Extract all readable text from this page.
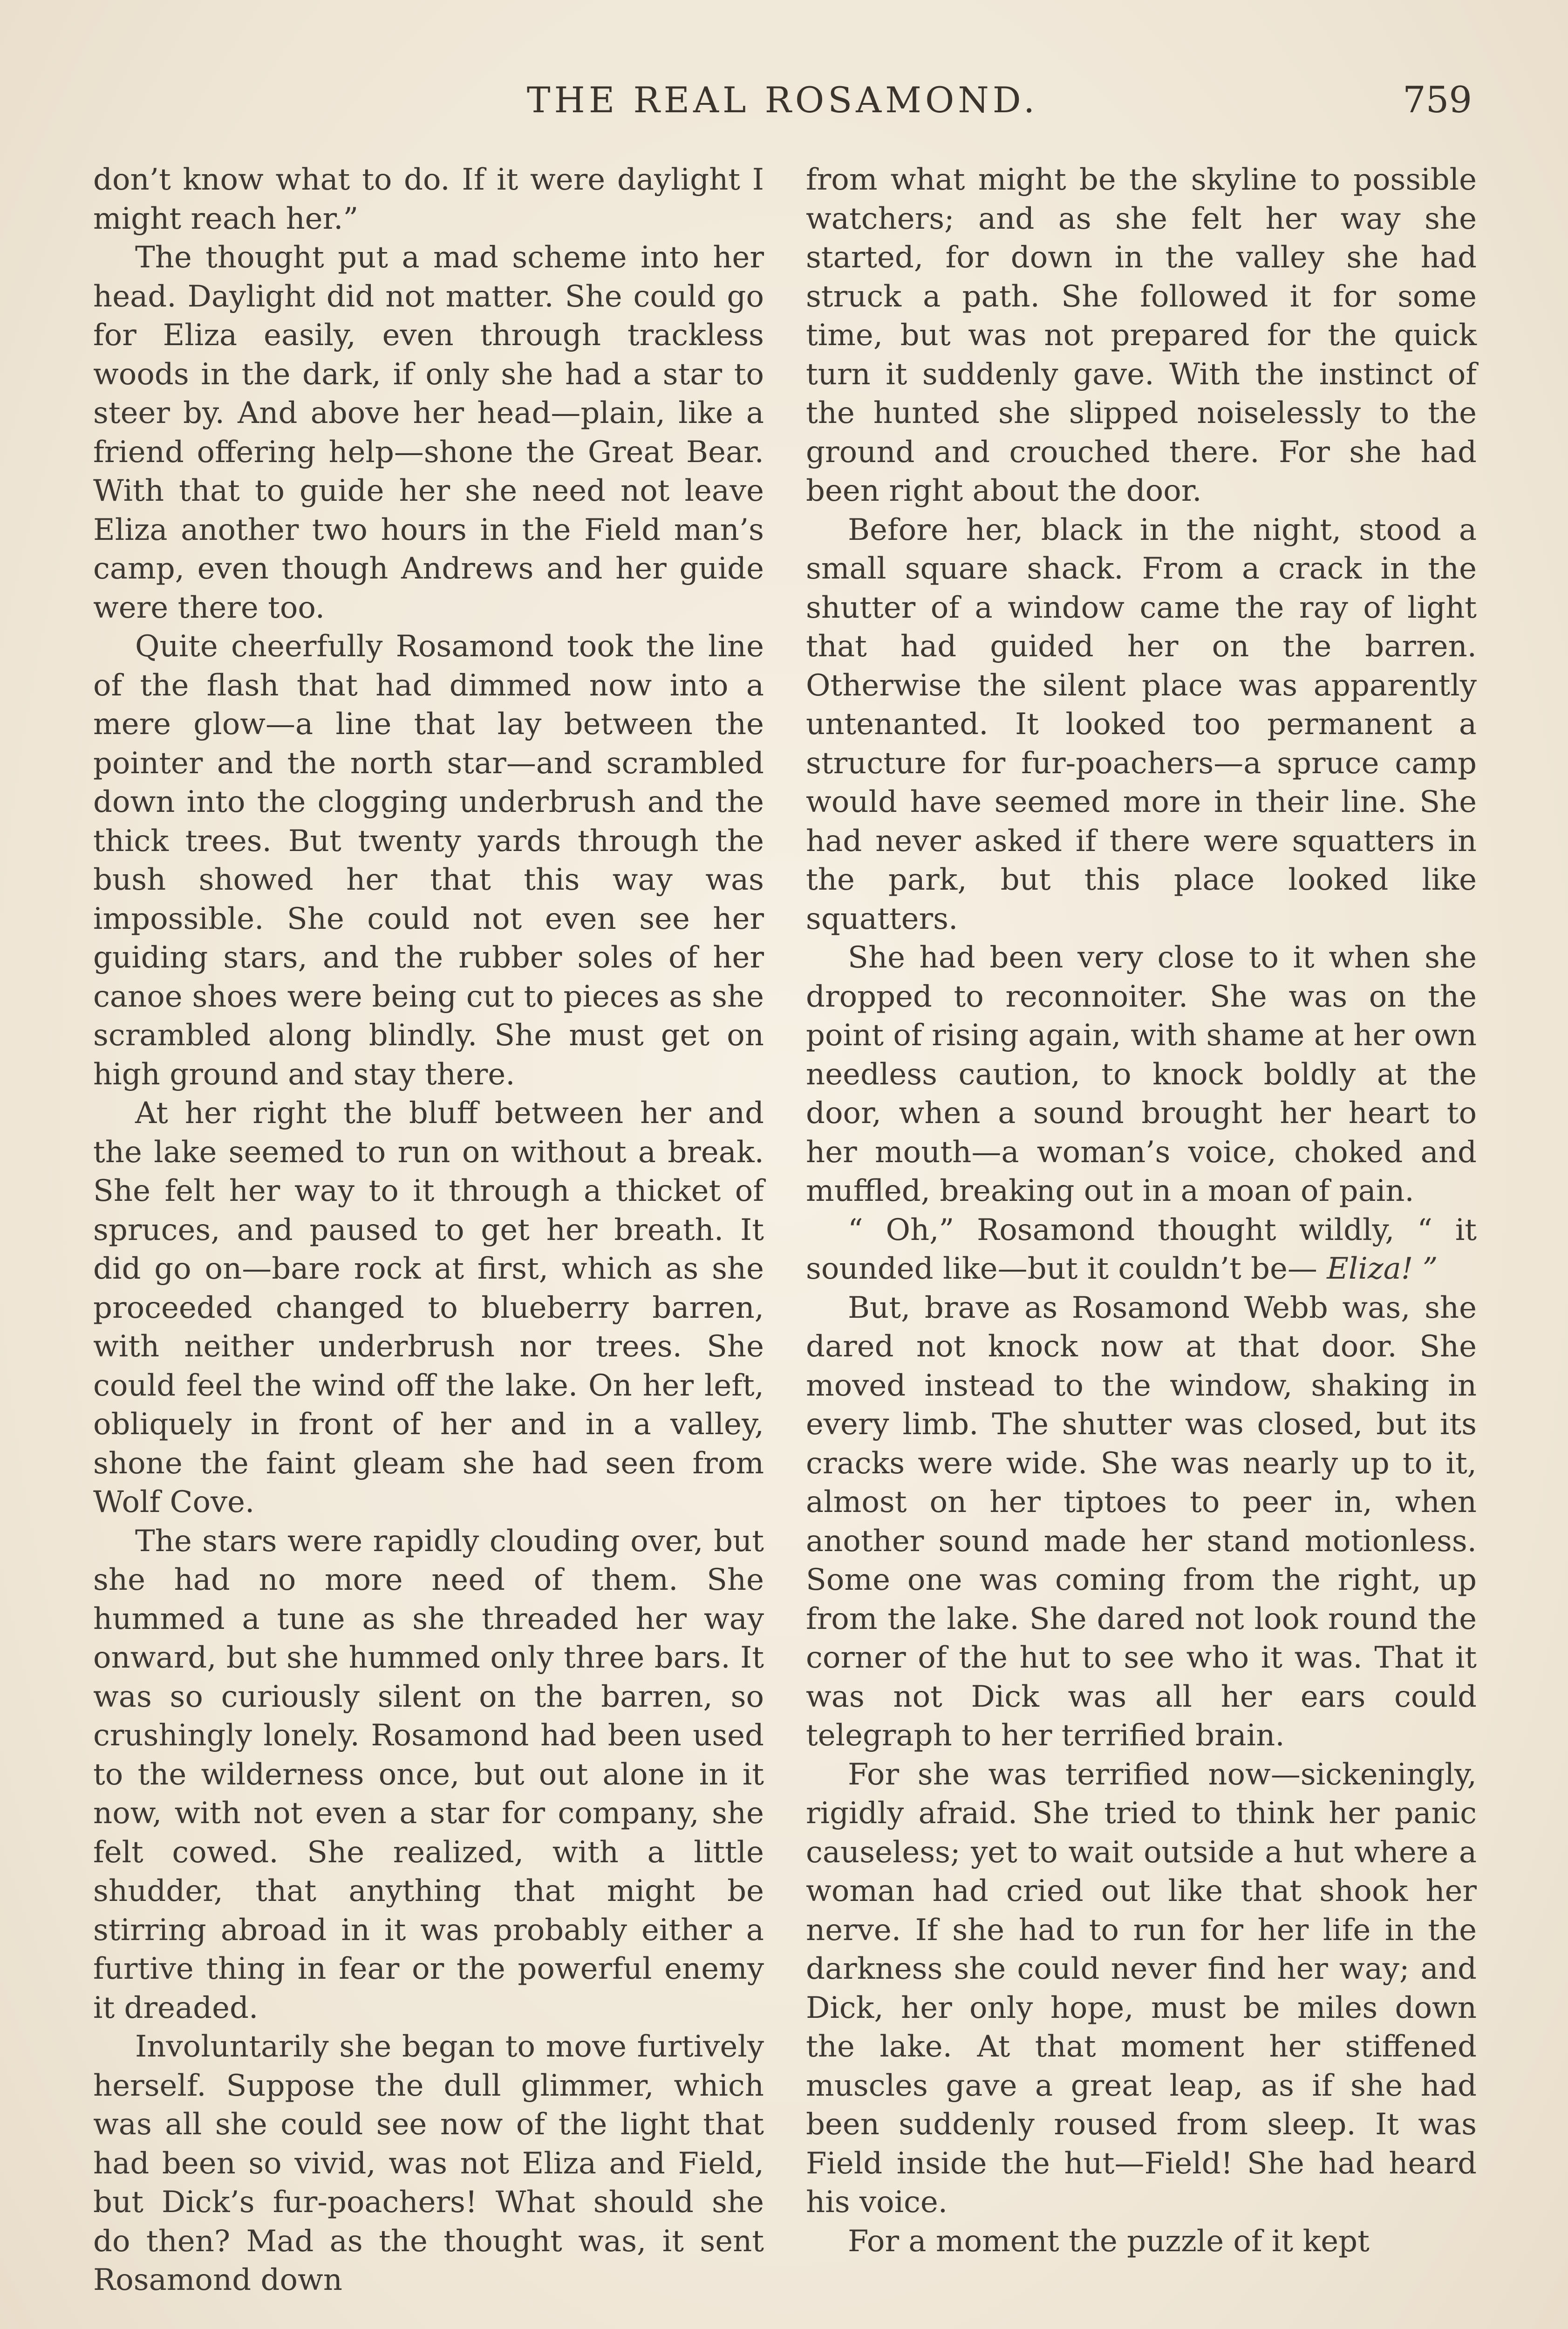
THE REAL ROSAMOND.	759

don’t know what to do. If it were daylight I might reach her.”

The thought put a mad scheme into her head. Daylight did not matter. She could go for Eliza easily, even through trackless woods in the dark, if only she had a star to steer by. And above her head—plain, like a friend offering help—shone the Great Bear. With that to guide her she need not leave Eliza another two hours in the Field man’s camp, even though Andrews and her guide were there too.

Quite cheerfully Rosamond took the line of the flash that had dimmed now into a mere glow—a line that lay between the pointer and the north star—and scrambled down into the clogging underbrush and the thick trees. But twenty yards through the bush showed her that this way was impossible. She could not even see her guiding stars, and the rubber soles of her canoe shoes were being cut to pieces as she scrambled along blindly. She must get on high ground and stay there.

At her right the bluff between her and the lake seemed to run on without a break. She felt her way to it through a thicket of spruces, and paused to get her breath. It did go on—bare rock at first, which as she proceeded changed to blueberry barren, with neither underbrush nor trees. She could feel the wind off the lake. On her left, obliquely in front of her and in a valley, shone the faint gleam she had seen from Wolf Cove.

The stars were rapidly clouding over, but she had no more need of them. She hummed a tune as she threaded her way onward, but she hummed only three bars. It was so curiously silent on the barren, so crushingly lonely. Rosamond had been used to the wilderness once, but out alone in it now, with not even a star for company, she felt cowed. She realized, with a little shudder, that anything that might be stirring abroad in it was probably either a furtive thing in fear or the powerful enemy it dreaded.

Involuntarily she began to move furtively herself. Suppose the dull glimmer, which was all she could see now of the light that had been so vivid, was not Eliza and Field, but Dick’s fur-poachers! What should she do then? Mad as the thought was, it sent Rosamond down

from what might be the skyline to possible watchers; and as she felt her way she started, for down in the valley she had struck a path. She followed it for some time, but was not prepared for the quick turn it suddenly gave. With the instinct of the hunted she slipped noiselessly to the ground and crouched there. For she had been right about the door.

Before her, black in the night, stood a small square shack. From a crack in the shutter of a window came the ray of light that had guided her on the barren. Otherwise the silent place was apparently untenanted. It looked too permanent a structure for fur-poachers—a spruce camp would have seemed more in their line. She had never asked if there were squatters in the park, but this place looked like squatters.

She had been very close to it when she dropped to reconnoiter. She was on the point of rising again, with shame at her own needless caution, to knock boldly at the door, when a sound brought her heart to her mouth—a woman’s voice, choked and muffled, breaking out in a moan of pain.

“ Oh,” Rosamond thought wildly, “ it sounded like—but it couldn’t be— Eliza! ”

But, brave as Rosamond Webb was, she dared not knock now at that door. She moved instead to the window, shaking in every limb. The shutter was closed, but its cracks were wide. She was nearly up to it, almost on her tiptoes to peer in, when another sound made her stand motionless. Some one was coming from the right, up from the lake. She dared not look round the corner of the hut to see who it was. That it was not Dick was all her ears could telegraph to her terrified brain.

For she was terrified now—sickeningly, rigidly afraid. She tried to think her panic causeless; yet to wait outside a hut where a woman had cried out like that shook her nerve. If she had to run for her life in the darkness she could never find her way; and Dick, her only hope, must be miles down the lake. At that moment her stiffened muscles gave a great leap, as if she had been suddenly roused from sleep. It was Field inside the hut—Field! She had heard his voice.

For a moment the puzzle of it kept
